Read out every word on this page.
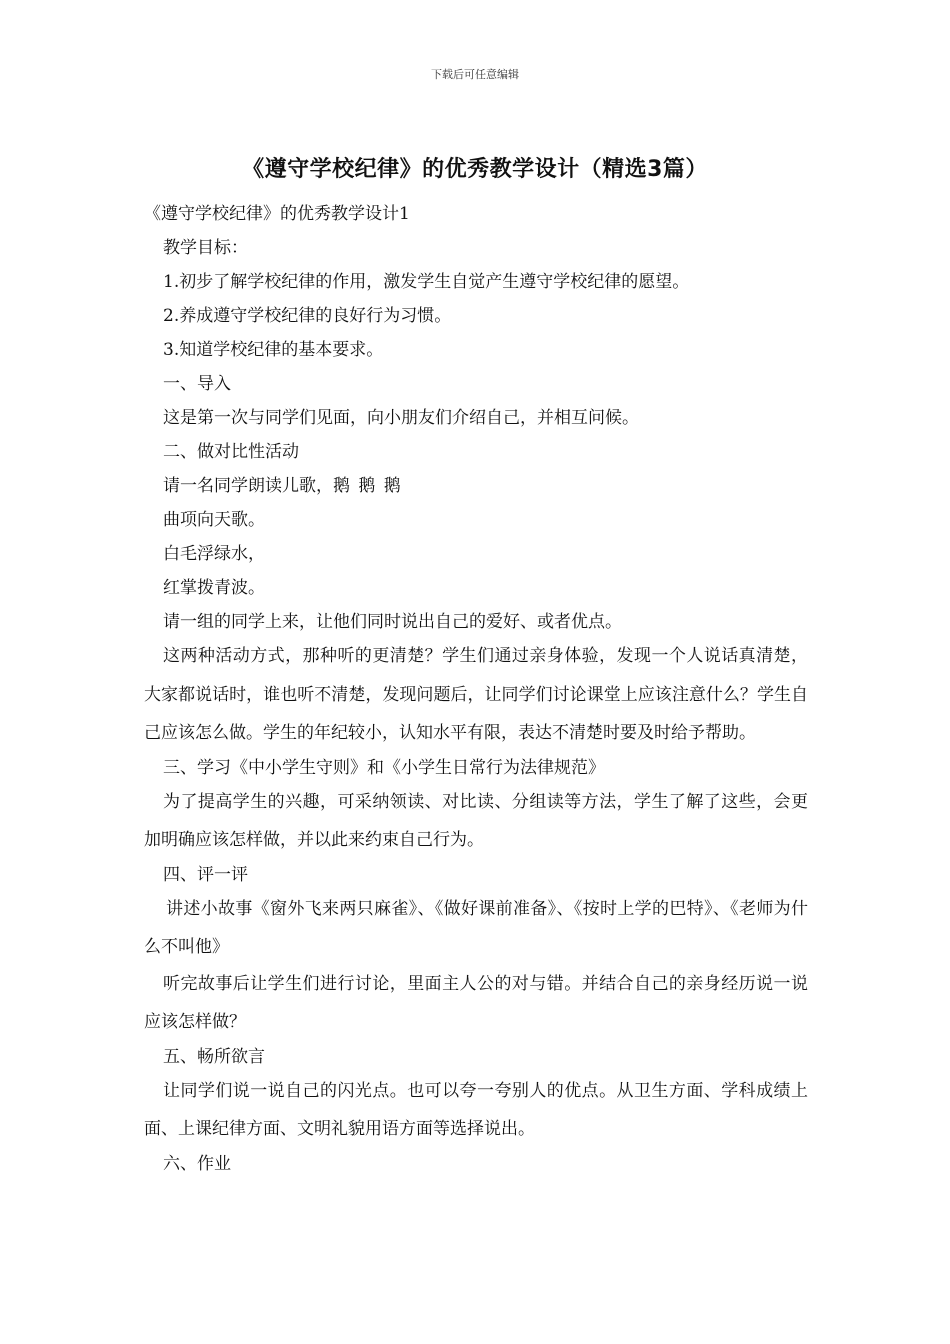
下载后可任意编辑
《遵守学校纪律》的优秀教学设计（精选3篇）

《遵守学校纪律》的优秀教学设计1

教学目标：

1.初步了解学校纪律的作用，激发学生自觉产生遵守学校纪律的愿望。

2.养成遵守学校纪律的良好行为习惯。

3.知道学校纪律的基本要求。

一、导入

这是第一次与同学们见面，向小朋友们介绍自己，并相互问候。

二、做对比性活动

请一名同学朗读儿歌，鹅 鹅 鹅

曲项向天歌。

白毛浮绿水，

红掌拨青波。

请一组的同学上来，让他们同时说出自己的爱好、或者优点。

这两种活动方式，那种听的更清楚？学生们通过亲身体验，发现一个人说话真清楚，大家都说话时，谁也听不清楚，发现问题后，让同学们讨论课堂上应该注意什么？学生自己应该怎么做。学生的年纪较小，认知水平有限，表达不清楚时要及时给予帮助。

三、学习《中小学生守则》和《小学生日常行为法律规范》

为了提高学生的兴趣，可采纳领读、对比读、分组读等方法，学生了解了这些，会更加明确应该怎样做，并以此来约束自己行为。

四、评一评

讲述小故事《窗外飞来两只麻雀》、《做好课前准备》、《按时上学的巴特》、《老师为什么不叫他》

听完故事后让学生们进行讨论，里面主人公的对与错。并结合自己的亲身经历说一说应该怎样做？

五、畅所欲言

让同学们说一说自己的闪光点。也可以夸一夸别人的优点。从卫生方面、学科成绩上面、上课纪律方面、文明礼貌用语方面等选择说出。

六、作业
